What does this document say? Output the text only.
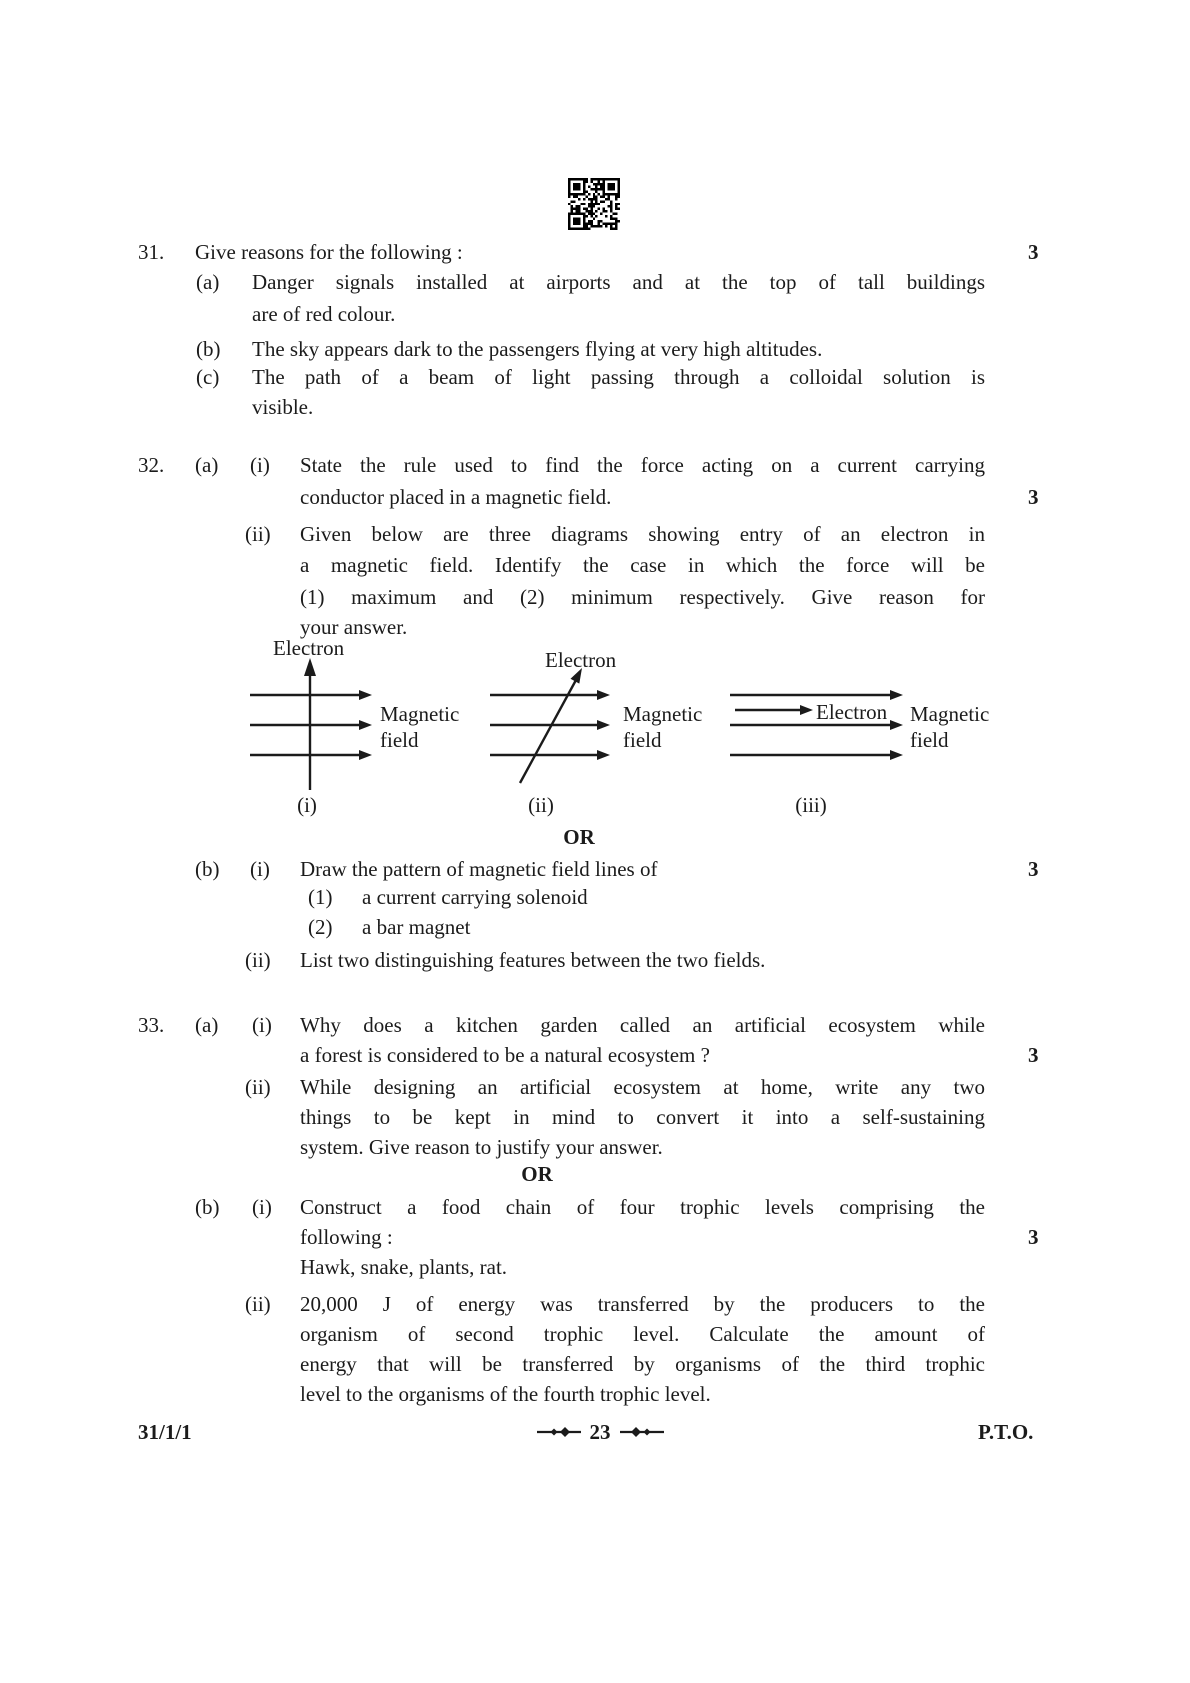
31. Give reasons for the following :	3
(a) Danger signals installed at airports and at the top of tall buildings
are of red colour.
(b) The sky appears dark to the passengers flying at very high altitudes.
(c) The path of a beam of light passing through a colloidal solution is
visible.
32. (a) (i) State the rule used to find the force acting on a current carrying
conductor placed in a magnetic field.	3
(ii) Given below are three diagrams showing entry of an electron in
a magnetic field. Identify the case in which the force will be
(1) maximum and (2) minimum respectively. Give reason for
your answer.
Electron	Electron
Electron
Magnetic
field
Magnetic
field
Magnetic
field
(i)	(ii)	(iii)
OR
(b) (i) Draw the pattern of magnetic field lines of	3
(1) a current carrying solenoid
(2) a bar magnet
(ii) List two distinguishing features between the two fields.
33. (a) (i) Why does a kitchen garden called an artificial ecosystem while
a forest is considered to be a natural ecosystem ?	3
(ii) While designing an artificial ecosystem at home, write any two
things to be kept in mind to convert it into a self-sustaining
system. Give reason to justify your answer.
OR
(b) (i) Construct a food chain of four trophic levels comprising the
following :	3
Hawk, snake, plants, rat.
(ii) 20,000 J of energy was transferred by the producers to the
organism of second trophic level. Calculate the amount of
energy that will be transferred by organisms of the third trophic
level to the organisms of the fourth trophic level.
31/1/1	23	P.T.O.
